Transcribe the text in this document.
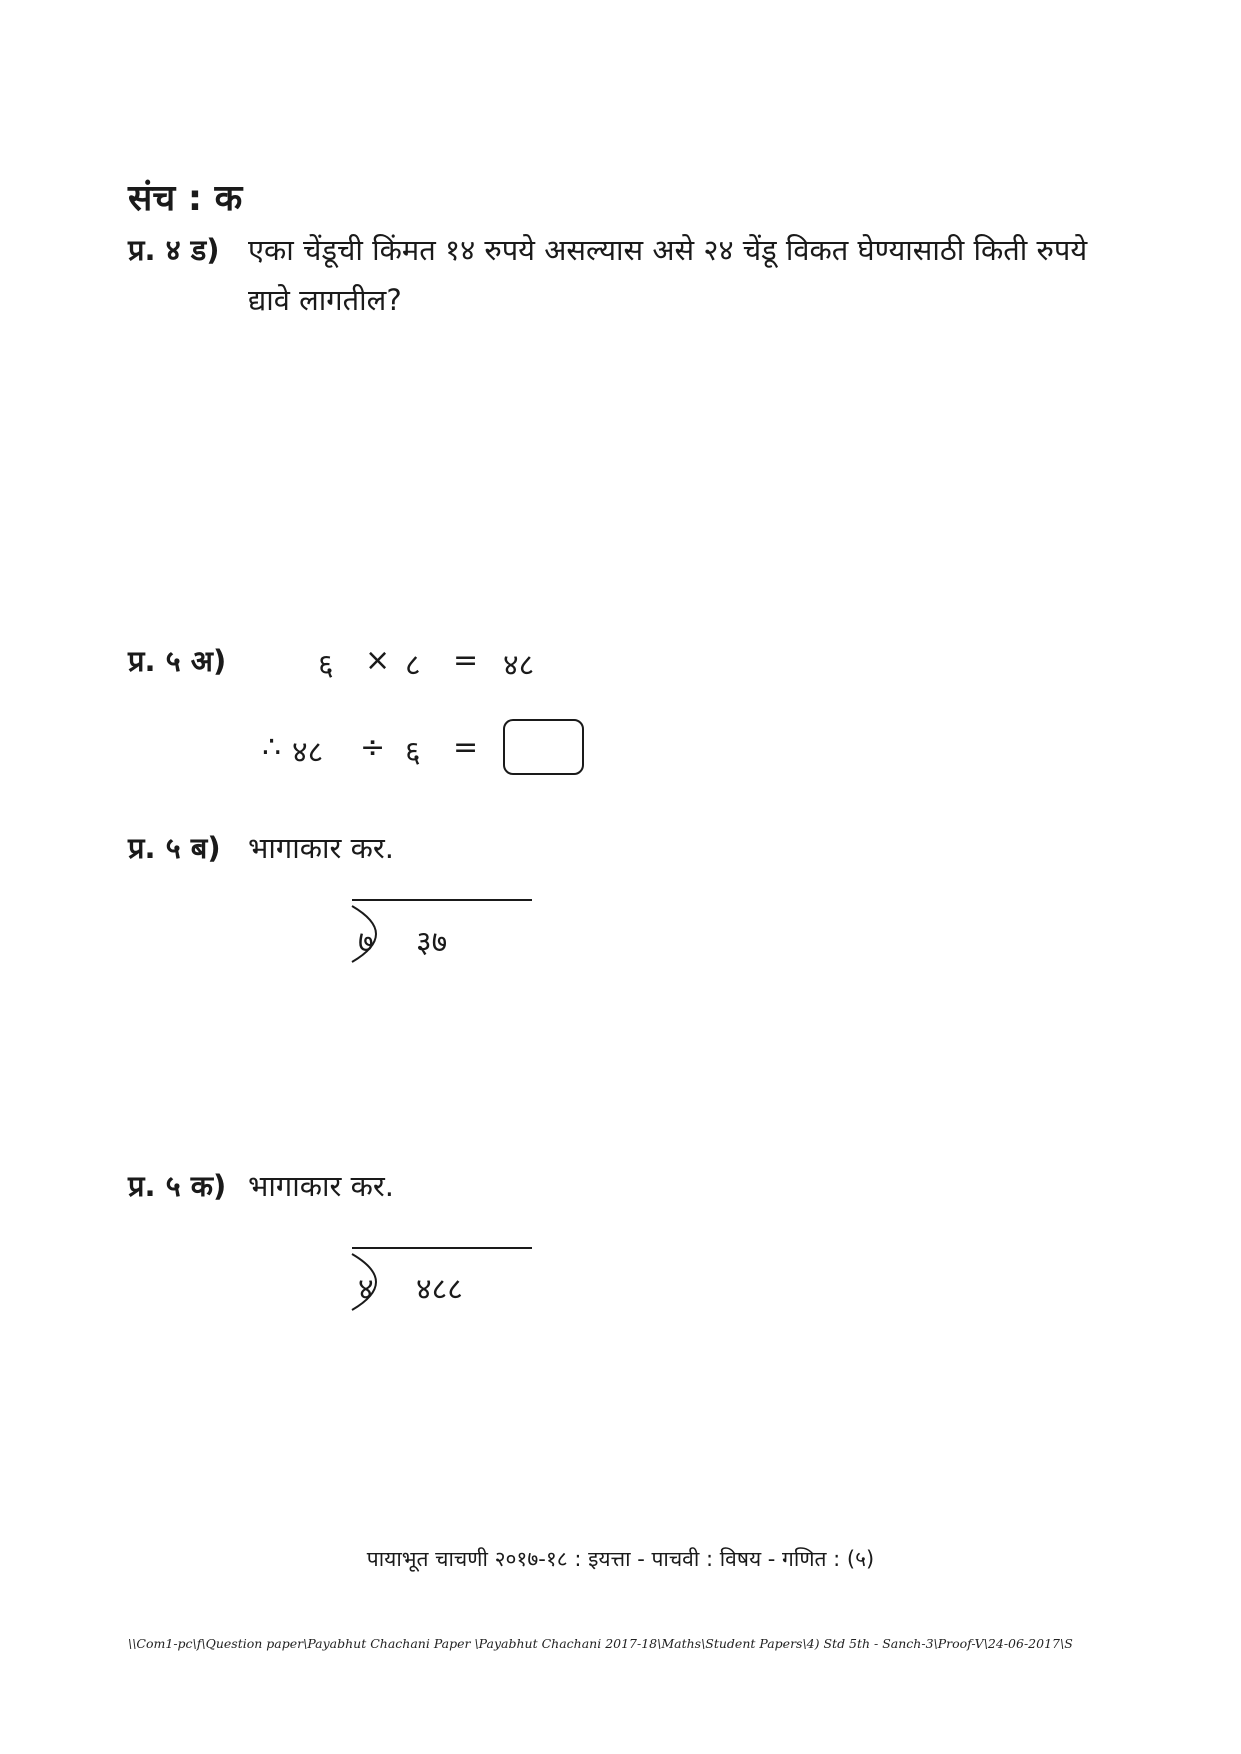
संच : क
प्र. ४ ड) एका चेंडूची किंमत १४ रुपये असल्यास असे २४ चेंडू विकत घेण्यासाठी किती रुपये
द्यावे लागतील?
प्र. ५ अ)	६ × ८ = ४८
∴ ४८ ÷ ६ =
प्र. ५ ब) भागाकार कर.
७ ३७
प्र. ५ क) भागाकार कर.
४ ४८८
पायाभूत चाचणी २०१७-१८ : इयत्ता - पाचवी : विषय - गणित : (५)
\\Com1-pc\f\Question paper\Payabhut Chachani Paper \Payabhut Chachani 2017-18\Maths\Student Papers\4) Std 5th - Sanch-3\Proof-V\24-06-2017\S
